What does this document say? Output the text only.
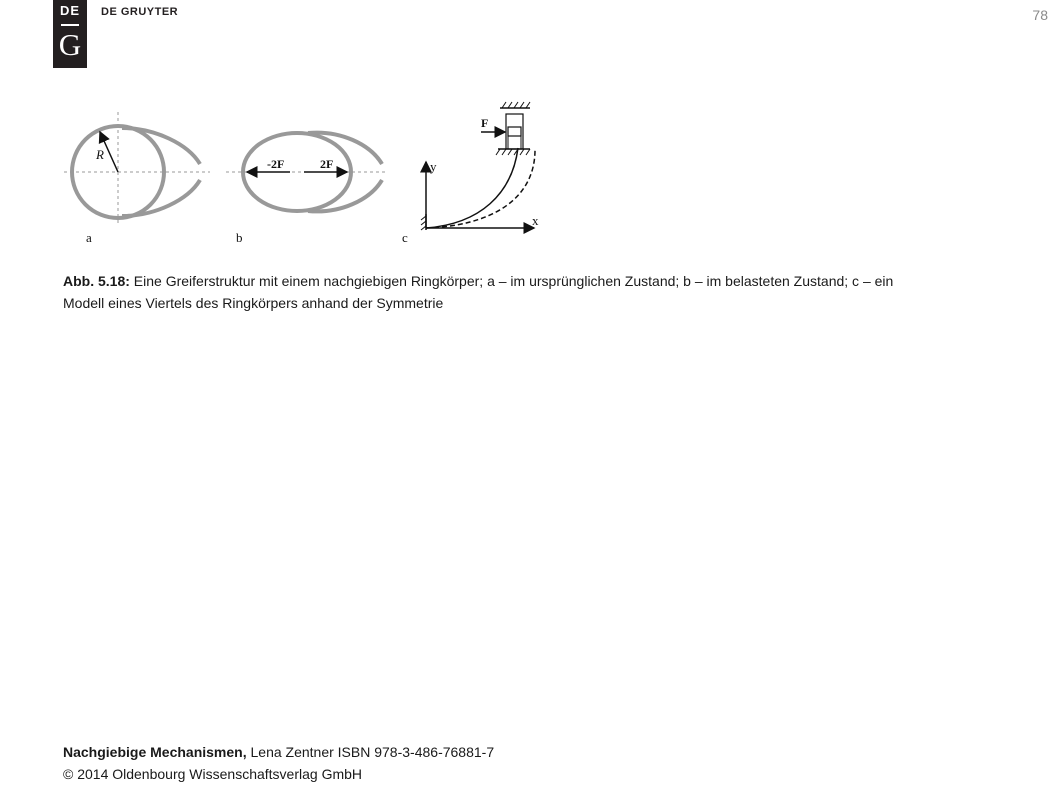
DE
G
DE GRUYTER	78
R
a
-2F	2F
b
F
y
x
c
Abb. 5.18: Eine Greiferstruktur mit einem nachgiebigen Ringkörper; a – im ursprünglichen Zustand; b – im belasteten Zustand; c – ein Modell eines Viertels des Ringkörpers anhand der Symmetrie
Nachgiebige Mechanismen, Lena Zentner ISBN 978-3-486-76881-7
© 2014 Oldenbourg Wissenschaftsverlag GmbH
